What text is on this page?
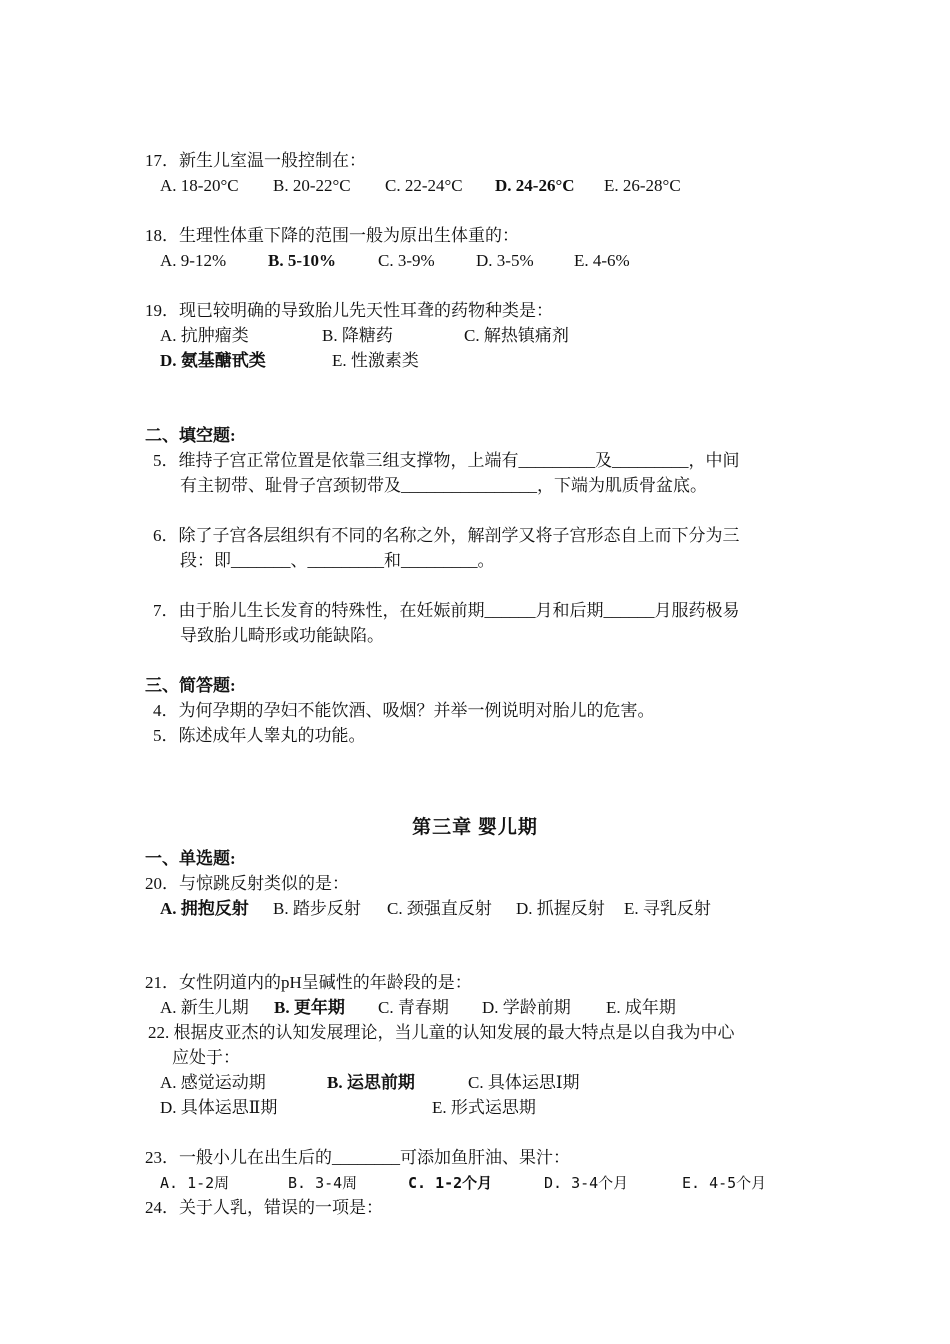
17．新生儿室温一般控制在：
A. 18-20°C B. 20-22°C C. 22-24°C D. 24-26°C E. 26-28°C
18．生理性体重下降的范围一般为原出生体重的：
A. 9-12% B. 5-10% C. 3-9% D. 3-5% E. 4-6%
19．现已较明确的导致胎儿先天性耳聋的药物种类是：
A. 抗肿瘤类	B. 降糖药	C. 解热镇痛剂
D. 氨基醣甙类	E. 性激素类
二、填空题:
5．维持子宫正常位置是依靠三组支撑物，上端有_________及_________，中间
有主韧带、耻骨子宫颈韧带及________________，下端为肌质骨盆底。
6．除了子宫各层组织有不同的名称之外，解剖学又将子宫形态自上而下分为三
段：即_______、_________和_________。
7．由于胎儿生长发育的特殊性，在妊娠前期______月和后期______月服药极易
导致胎儿畸形或功能缺陷。
三、简答题:
4．为何孕期的孕妇不能饮酒、吸烟？并举一例说明对胎儿的危害。
5．陈述成年人睾丸的功能。
第三章 婴儿期
一、单选题:
20．与惊跳反射类似的是：
A. 拥抱反射 B. 踏步反射 C. 颈强直反射 D. 抓握反射 E. 寻乳反射
21．女性阴道内的pH呈碱性的年龄段的是：
A. 新生儿期 B. 更年期 C. 青春期 D. 学龄前期 E. 成年期
22. 根据皮亚杰的认知发展理论，当儿童的认知发展的最大特点是以自我为中心
应处于：
A. 感觉运动期	B. 运思前期	C. 具体运思Ⅰ期
D. 具体运思Ⅱ期	E. 形式运思期
23．一般小儿在出生后的________可添加鱼肝油、果汁：
A. 1-2周	B. 3-4周	C. 1-2个月	D. 3-4个月	E. 4-5个月
24．关于人乳，错误的一项是：
